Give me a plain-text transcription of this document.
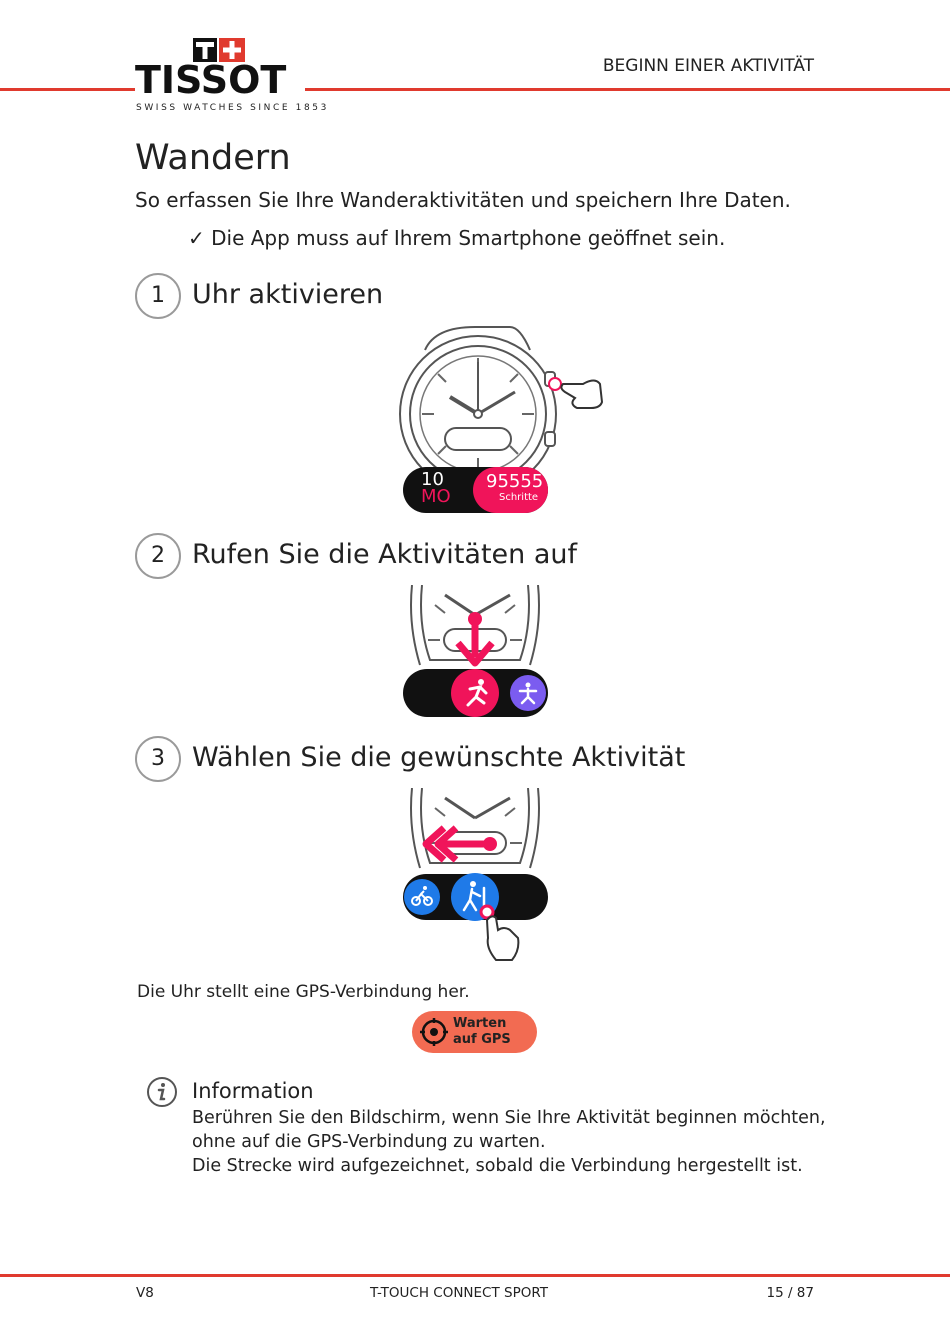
TISSOT
SWISS WATCHES SINCE 1853
BEGINN EINER AKTIVITÄT
Wandern
So erfassen Sie Ihre Wanderaktivitäten und speichern Ihre Daten.
✓ Die App muss auf Ihrem Smartphone geöffnet sein.
1	Uhr aktivieren
10
MO
95555
Schritte
2	Rufen Sie die Aktivitäten auf
3	Wählen Sie die gewünschte Aktivität
Die Uhr stellt eine GPS-Verbindung her.
Warten
auf GPS
Information
Berühren Sie den Bildschirm, wenn Sie Ihre Aktivität beginnen möchten,
ohne auf die GPS-Verbindung zu warten.
Die Strecke wird aufgezeichnet, sobald die Verbindung hergestellt ist.
V8	T-TOUCH CONNECT SPORT	15 / 87
